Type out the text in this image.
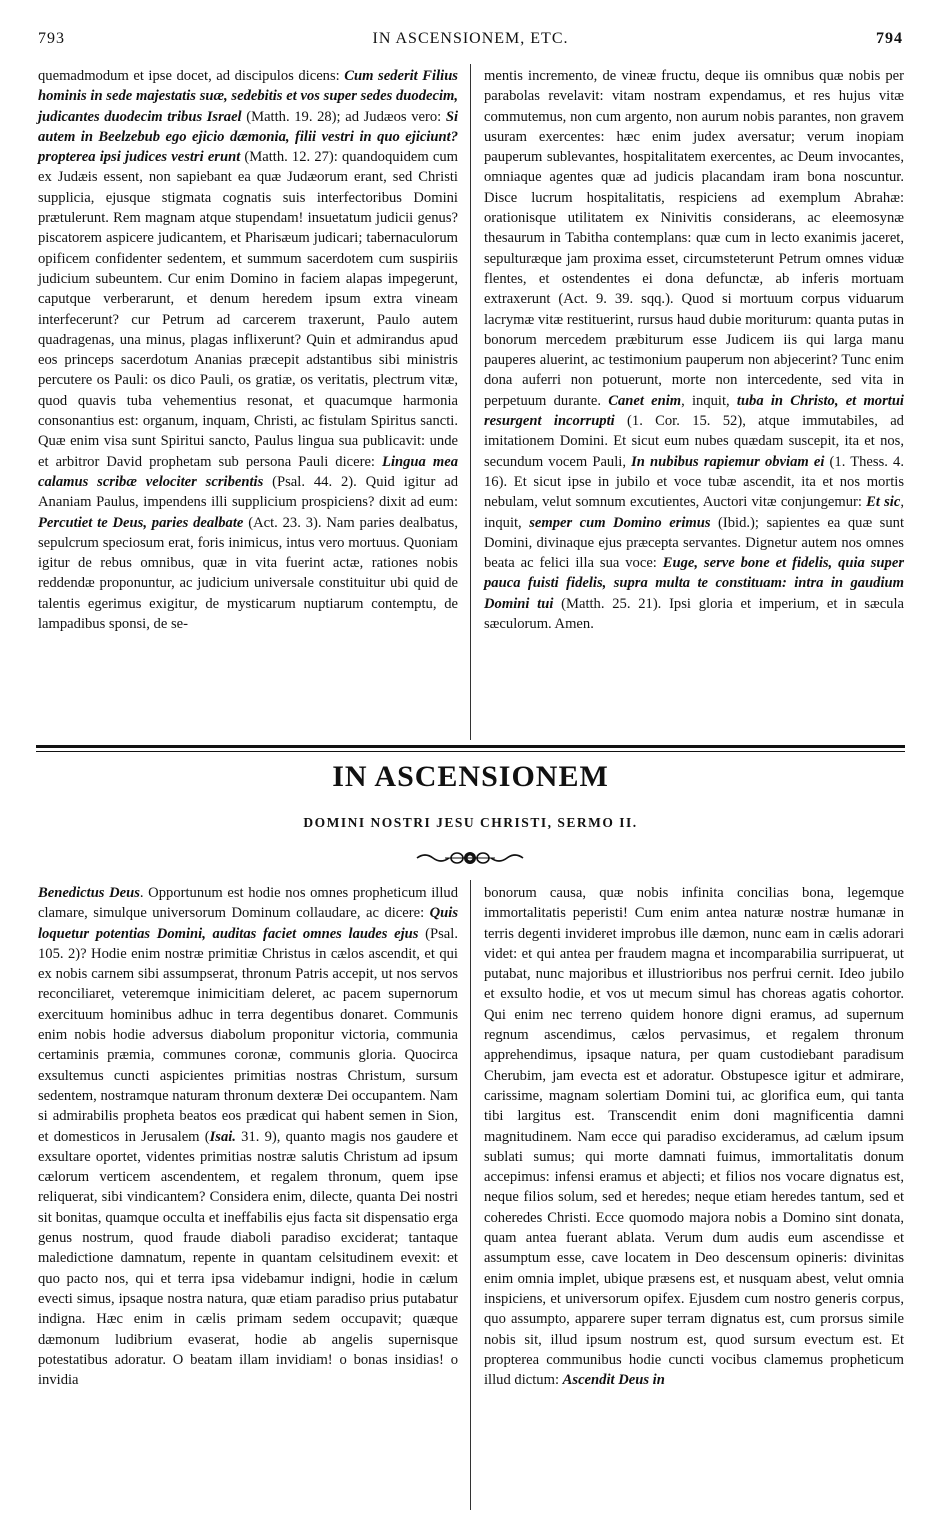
793	IN ASCENSIONEM, ETC.	794

quemadmodum et ipse docet, ad discipulos dicens: Cum sederit Filius hominis in sede majestatis suæ, sedebitis et vos super sedes duodecim, judicantes duodecim tribus Israel (Matth. 19. 28); ad Judæos vero: Si autem in Beelzebub ego ejicio dæmonia, filii vestri in quo ejiciunt? propterea ipsi judices vestri erunt (Matth. 12. 27): quandoquidem cum ex Judæis essent, non sapiebant ea quæ Judæorum erant, sed Christi supplicia, ejusque stigmata cognatis suis interfectoribus Domini prætulerunt. Rem magnam atque stupendam! insuetatum judicii genus? piscatorem aspicere judicantem, et Pharisæum judicari; tabernaculorum opificem confidenter sedentem, et summum sacerdotem cum suspiriis judicium subeuntem. Cur enim Domino in faciem alapas impegerunt, caputque verberarunt, et denum heredem ipsum extra vineam interfecerunt? cur Petrum ad carcerem traxerunt, Paulo autem quadragenas, una minus, plagas inflixerunt? Quin et admirandus apud eos princeps sacerdotum Ananias præcepit adstantibus sibi ministris percutere os Pauli: os dico Pauli, os gratiæ, os veritatis, plectrum vitæ, quod quavis tuba vehementius resonat, et quacumque harmonia consonantius est: organum, inquam, Christi, ac fistulam Spiritus sancti. Quæ enim visa sunt Spiritui sancto, Paulus lingua sua publicavit: unde et arbitror David prophetam sub persona Pauli dicere: Lingua mea calamus scribæ velociter scribentis (Psal. 44. 2). Quid igitur ad Ananiam Paulus, impendens illi supplicium prospiciens? dixit ad eum: Percutiet te Deus, paries dealbate (Act. 23. 3). Nam paries dealbatus, sepulcrum speciosum erat, foris inimicus, intus vero mortuus. Quoniam igitur de rebus omnibus, quæ in vita fuerint actæ, rationes nobis reddendæ proponuntur, ac judicium universale constituitur ubi quid de talentis egerimus exigitur, de mysticarum nuptiarum contemptu, de lampadibus sponsi, de se-

mentis incremento, de vineæ fructu, deque iis omnibus quæ nobis per parabolas revelavit: vitam nostram expendamus, et res hujus vitæ commutemus, non cum argento, non aurum nobis parantes, non gravem usuram exercentes: hæc enim judex aversatur; verum inopiam pauperum sublevantes, hospitalitatem exercentes, ac Deum invocantes, omniaque agentes quæ ad judicis placandam iram bona noscuntur. Disce lucrum hospitalitatis, respiciens ad exemplum Abrahæ: orationisque utilitatem ex Ninivitis considerans, ac eleemosynæ thesaurum in Tabitha contemplans: quæ cum in lecto exanimis jaceret, sepulturæque jam proxima esset, circumsteterunt Petrum omnes viduæ flentes, et ostendentes ei dona defunctæ, ab inferis mortuam extraxerunt (Act. 9. 39. sqq.). Quod si mortuum corpus viduarum lacrymæ vitæ restituerint, rursus haud dubie moriturum: quanta putas in bonorum mercedem præbiturum esse Judicem iis qui larga manu pauperes aluerint, ac testimonium pauperum non abjecerint? Tunc enim dona auferri non potuerunt, morte non intercedente, sed vita in perpetuum durante. Canet enim, inquit, tuba in Christo, et mortui resurgent incorrupti (1. Cor. 15. 52), atque immutabiles, ad imitationem Domini. Et sicut eum nubes quædam suscepit, ita et nos, secundum vocem Pauli, In nubibus rapiemur obviam ei (1. Thess. 4. 16). Et sicut ipse in jubilo et voce tubæ ascendit, ita et nos mortis nebulam, velut somnum excutientes, Auctori vitæ conjungemur: Et sic, inquit, semper cum Domino erimus (Ibid.); sapientes ea quæ sunt Domini, divinaque ejus præcepta servantes. Dignetur autem nos omnes beata ac felici illa sua voce: Euge, serve bone et fidelis, quia super pauca fuisti fidelis, supra multa te constituam: intra in gaudium Domini tui (Matth. 25. 21). Ipsi gloria et imperium, et in sæcula sæculorum. Amen.

IN ASCENSIONEM
DOMINI NOSTRI JESU CHRISTI, SERMO II.

Benedictus Deus. Opportunum est hodie nos omnes propheticum illud clamare, simulque universorum Dominum collaudare, ac dicere: Quis loquetur potentias Domini, auditas faciet omnes laudes ejus (Psal. 105. 2)? Hodie enim nostræ primitiæ Christus in cælos ascendit, et qui ex nobis carnem sibi assumpserat, thronum Patris accepit, ut nos servos reconciliaret, veteremque inimicitiam deleret, ac pacem supernorum exercituum hominibus adhuc in terra degentibus donaret. Communis enim nobis hodie adversus diabolum proponitur victoria, communia certaminis præmia, communes coronæ, communis gloria. Quocirca exsultemus cuncti aspicientes primitias nostras Christum, sursum sedentem, nostramque naturam thronum dexteræ Dei occupantem. Nam si admirabilis propheta beatos eos prædicat qui habent semen in Sion, et domesticos in Jerusalem (Isai. 31. 9), quanto magis nos gaudere et exsultare oportet, videntes primitias nostræ salutis Christum ad ipsum cælorum verticem ascendentem, et regalem thronum, quem ipse reliquerat, sibi vindicantem? Considera enim, dilecte, quanta Dei nostri sit bonitas, quamque occulta et ineffabilis ejus facta sit dispensatio erga genus nostrum, quod fraude diaboli paradiso exciderat; tantaque maledictione damnatum, repente in quantam celsitudinem evexit: et quo pacto nos, qui et terra ipsa videbamur indigni, hodie in cælum evecti simus, ipsaque nostra natura, quæ etiam paradiso prius putabatur indigna. Hæc enim in cælis primam sedem occupavit; quæque dæmonum ludibrium evaserat, hodie ab angelis supernisque potestatibus adoratur. O beatam illam invidiam! o bonas insidias! o invidia

bonorum causa, quæ nobis infinita concilias bona, legemque immortalitatis peperisti! Cum enim antea naturæ nostræ humanæ in terris degenti invideret improbus ille dæmon, nunc eam in cælis adorari videt: et qui antea per fraudem magna et incomparabilia surripuerat, ut putabat, nunc majoribus et illustrioribus nos perfrui cernit. Ideo jubilo et exsulto hodie, et vos ut mecum simul has choreas agatis cohortor. Qui enim nec terreno quidem honore digni eramus, ad supernum regnum ascendimus, cælos pervasimus, et regalem thronum apprehendimus, ipsaque natura, per quam custodiebant paradisum Cherubim, jam evecta est et adoratur. Obstupesce igitur et admirare, carissime, magnam solertiam Domini tui, ac glorifica eum, qui tanta tibi largitus est. Transcendit enim doni magnificentia damni magnitudinem. Nam ecce qui paradiso excideramus, ad cælum ipsum sublati sumus; qui morte damnati fuimus, immortalitatis donum accepimus: infensi eramus et abjecti; et filios nos vocare dignatus est, neque filios solum, sed et heredes; neque etiam heredes tantum, sed et coheredes Christi. Ecce quomodo majora nobis a Domino sint donata, quam antea fuerant ablata. Verum dum audis eum ascendisse et assumptum esse, cave locatem in Deo descensum opineris: divinitas enim omnia implet, ubique præsens est, et nusquam abest, velut omnia inspiciens, et universorum opifex. Ejusdem cum nostro generis corpus, quo assumpto, apparere super terram dignatus est, cum prorsus simile nobis sit, illud ipsum nostrum est, quod sursum evectum est. Et propterea communibus hodie cuncti vocibus clamemus propheticum illud dictum: Ascendit Deus in
